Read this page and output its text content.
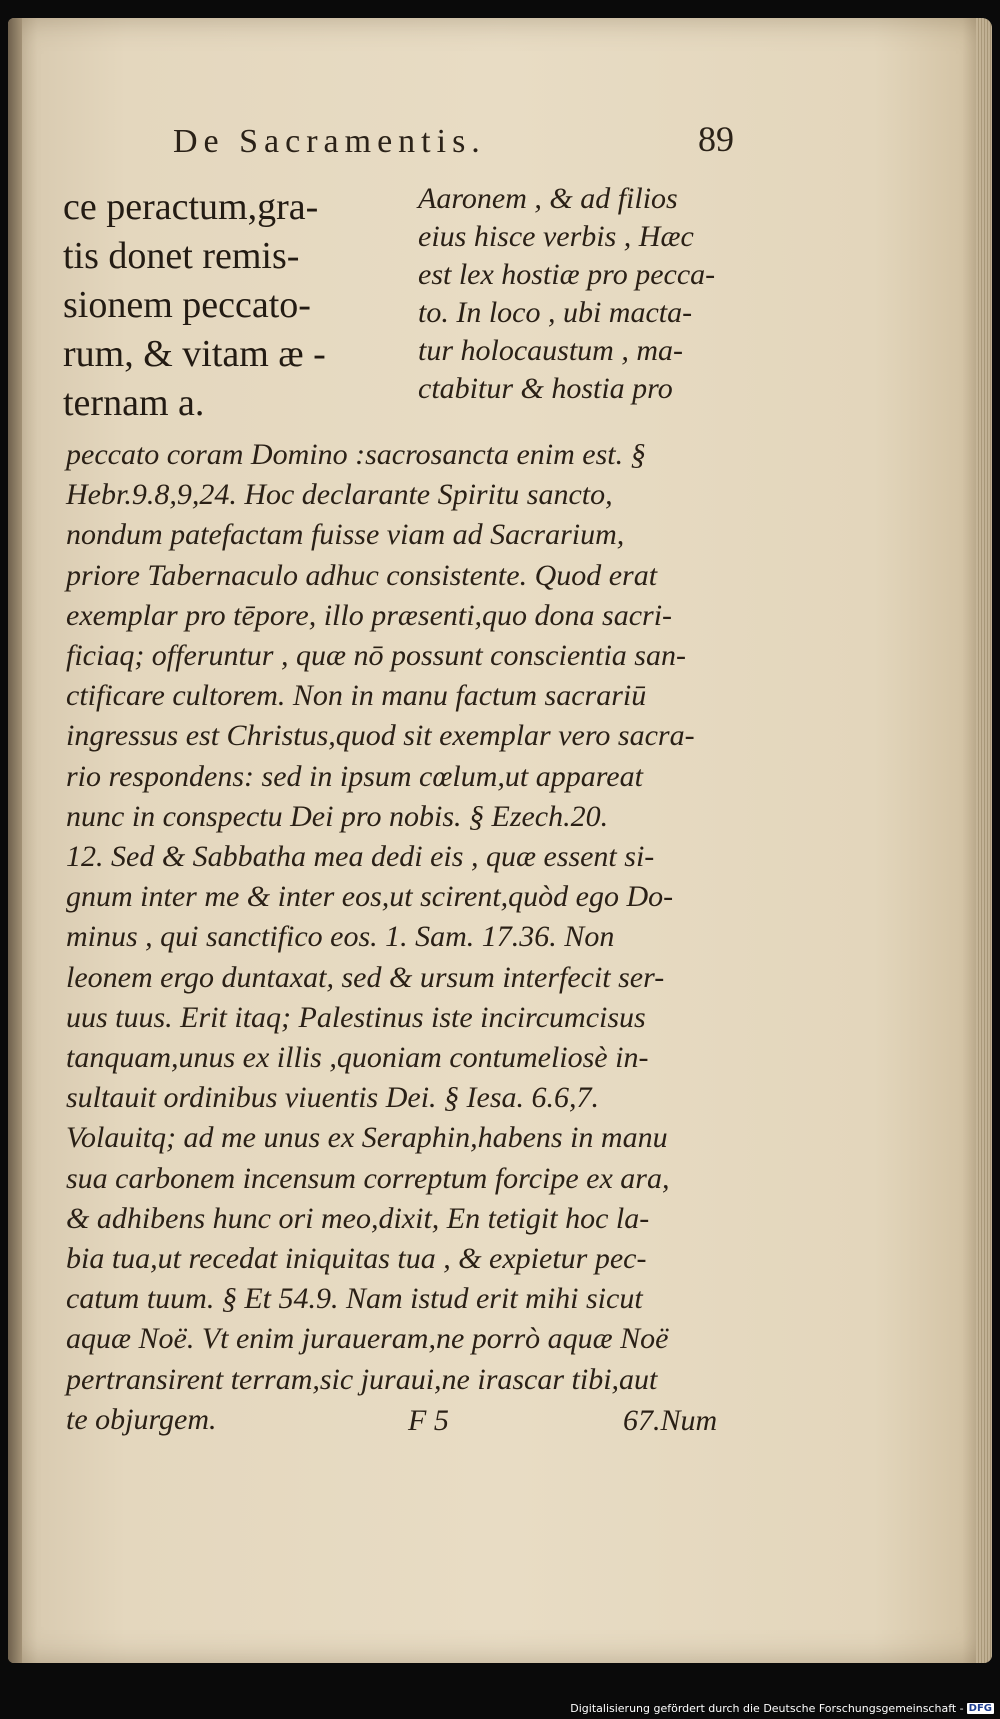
De Sacramentis.	89
ce peractum,gra-
tis donet remis-
sionem peccato-
rum, & vitam æ -
ternam a.
Aaronem , & ad filios
eius hisce verbis , Hæc
est lex hostiæ pro pecca-
to. In loco , ubi macta-
tur holocaustum , ma-
ctabitur & hostia pro
peccato coram Domino :sacrosancta enim est. §
Hebr.9.8,9,24. Hoc declarante Spiritu sancto,
nondum patefactam fuisse viam ad Sacrarium,
priore Tabernaculo adhuc consistente. Quod erat
exemplar pro tēpore, illo præsenti,quo dona sacri-
ficiaq; offeruntur , quæ nō possunt conscientia san-
ctificare cultorem. Non in manu factum sacrariū
ingressus est Christus,quod sit exemplar vero sacra-
rio respondens: sed in ipsum cœlum,ut appareat
nunc in conspectu Dei pro nobis. § Ezech.20.
12. Sed & Sabbatha mea dedi eis , quæ essent si-
gnum inter me & inter eos,ut scirent,quòd ego Do-
minus , qui sanctifico eos. 1. Sam. 17.36. Non
leonem ergo duntaxat, sed & ursum interfecit ser-
uus tuus. Erit itaq; Palestinus iste incircumcisus
tanquam,unus ex illis ,quoniam contumeliosè in-
sultauit ordinibus viuentis Dei. § Iesa. 6.6,7.
Volauitq; ad me unus ex Seraphin,habens in manu
sua carbonem incensum correptum forcipe ex ara,
& adhibens hunc ori meo,dixit, En tetigit hoc la-
bia tua,ut recedat iniquitas tua , & expietur pec-
catum tuum. § Et 54.9. Nam istud erit mihi sicut
aquæ Noë. Vt enim juraueram,ne porrò aquæ Noë
pertransirent terram,sic juraui,ne irascar tibi,aut
te objurgem.	F 5	67.Num
Digitalisierung gefördert durch die Deutsche Forschungsgemeinschaft - DFG
